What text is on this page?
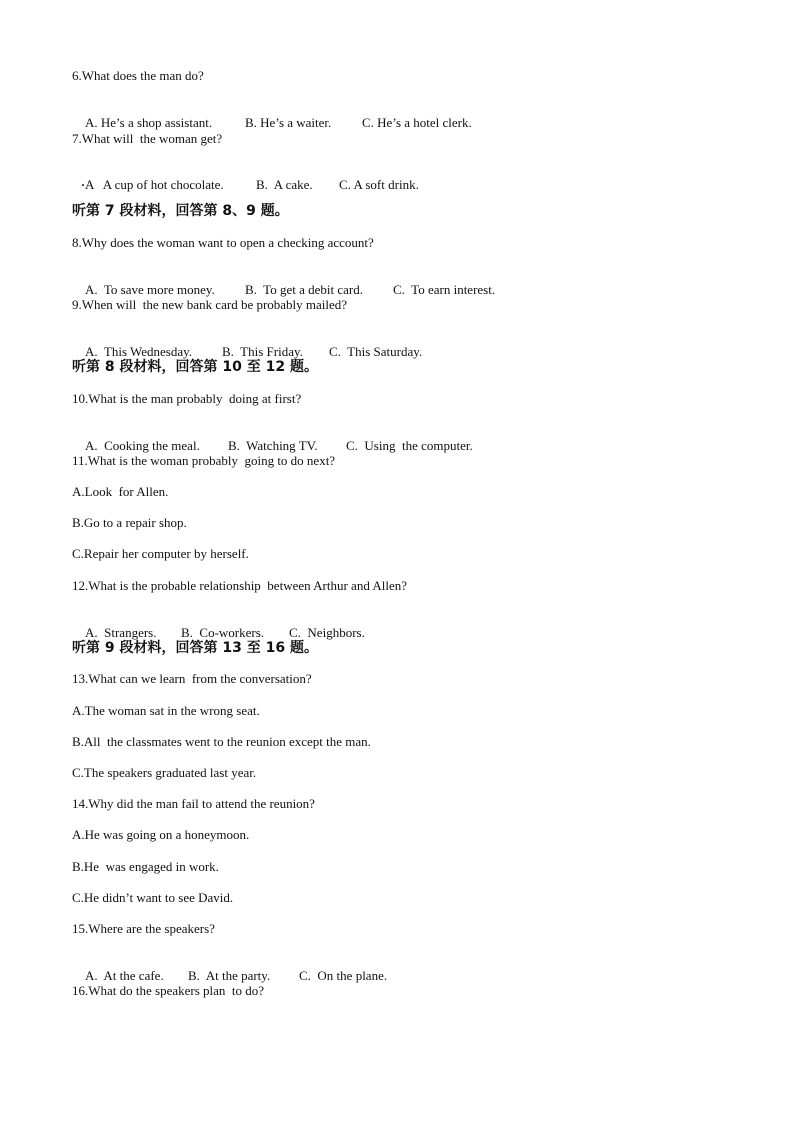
6.What does the man do?

A. He’s a shop assistant.	B. He’s a waiter. C. He’s a hotel clerk.

7.What will  the woman get?

A   A cup of hot chocolate. B.  A cake. C. A soft drink.

听第 7 段材料，回答第 8、9 题。
8.Why does the woman want to open a checking account?

A.  To save more money. B.  To get a debit card. C.  To earn interest.

9.When will  the new bank card be probably mailed?

A.  This Wednesday. B.  This Friday. C.  This Saturday.

听第 8 段材料，回答第 10 至 12 题。
10.What is the man probably  doing at first?

A.  Cooking the meal. B.  Watching TV. C.  Using  the computer.

11.What is the woman probably  going to do next?
A.Look  for Allen.
B.Go to a repair shop.
C.Repair her computer by herself.
12.What is the probable relationship  between Arthur and Allen?

A.  Strangers. B.  Co-workers. C.  Neighbors.

听第 9 段材料，回答第 13 至 16 题。
13.What can we learn  from the conversation?
A.The woman sat in the wrong seat.
B.All  the classmates went to the reunion except the man.
C.The speakers graduated last year.
14.Why did the man fail to attend the reunion?
A.He was going on a honeymoon.
B.He  was engaged in work.
C.He didn’t want to see David.
15.Where are the speakers?

A.  At the cafe. B.  At the party. C.  On the plane.

16.What do the speakers plan  to do?
